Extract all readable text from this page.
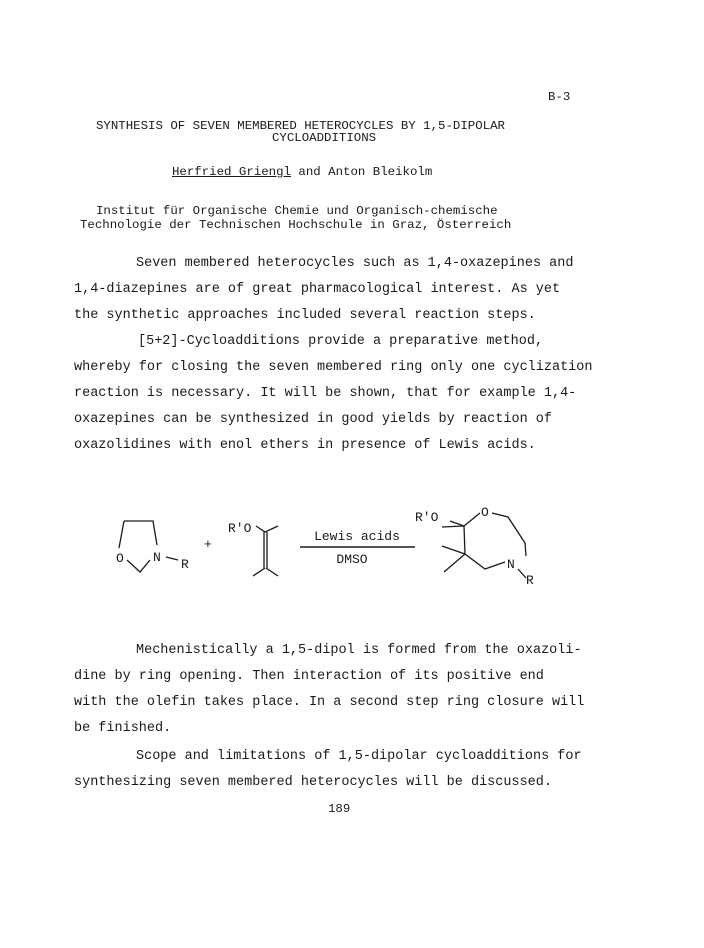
B-3
SYNTHESIS OF SEVEN MEMBERED HETEROCYCLES BY 1,5-DIPOLAR
CYCLOADDITIONS
Herfried Griengl and Anton Bleikolm
Institut für Organische Chemie und Organisch-chemische
Technologie der Technischen Hochschule in Graz, Österreich
Seven membered heterocycles such as 1,4-oxazepines and
1,4-diazepines are of great pharmacological interest. As yet
the synthetic approaches included several reaction steps.
[5+2]-Cycloadditions provide a preparative method,
whereby for closing the seven membered ring only one cyclization
reaction is necessary. It will be shown, that for example 1,4-
oxazepines can be synthesized in good yields by reaction of
oxazolidines with enol ethers in presence of Lewis acids.
O N R
+
R'O
Lewis acids
DMSO
R'O	O
N
R
Mechenistically a 1,5-dipol is formed from the oxazoli-
dine by ring opening. Then interaction of its positive end
with the olefin takes place. In a second step ring closure will
be finished.
Scope and limitations of 1,5-dipolar cycloadditions for
synthesizing seven membered heterocycles will be discussed.
189
